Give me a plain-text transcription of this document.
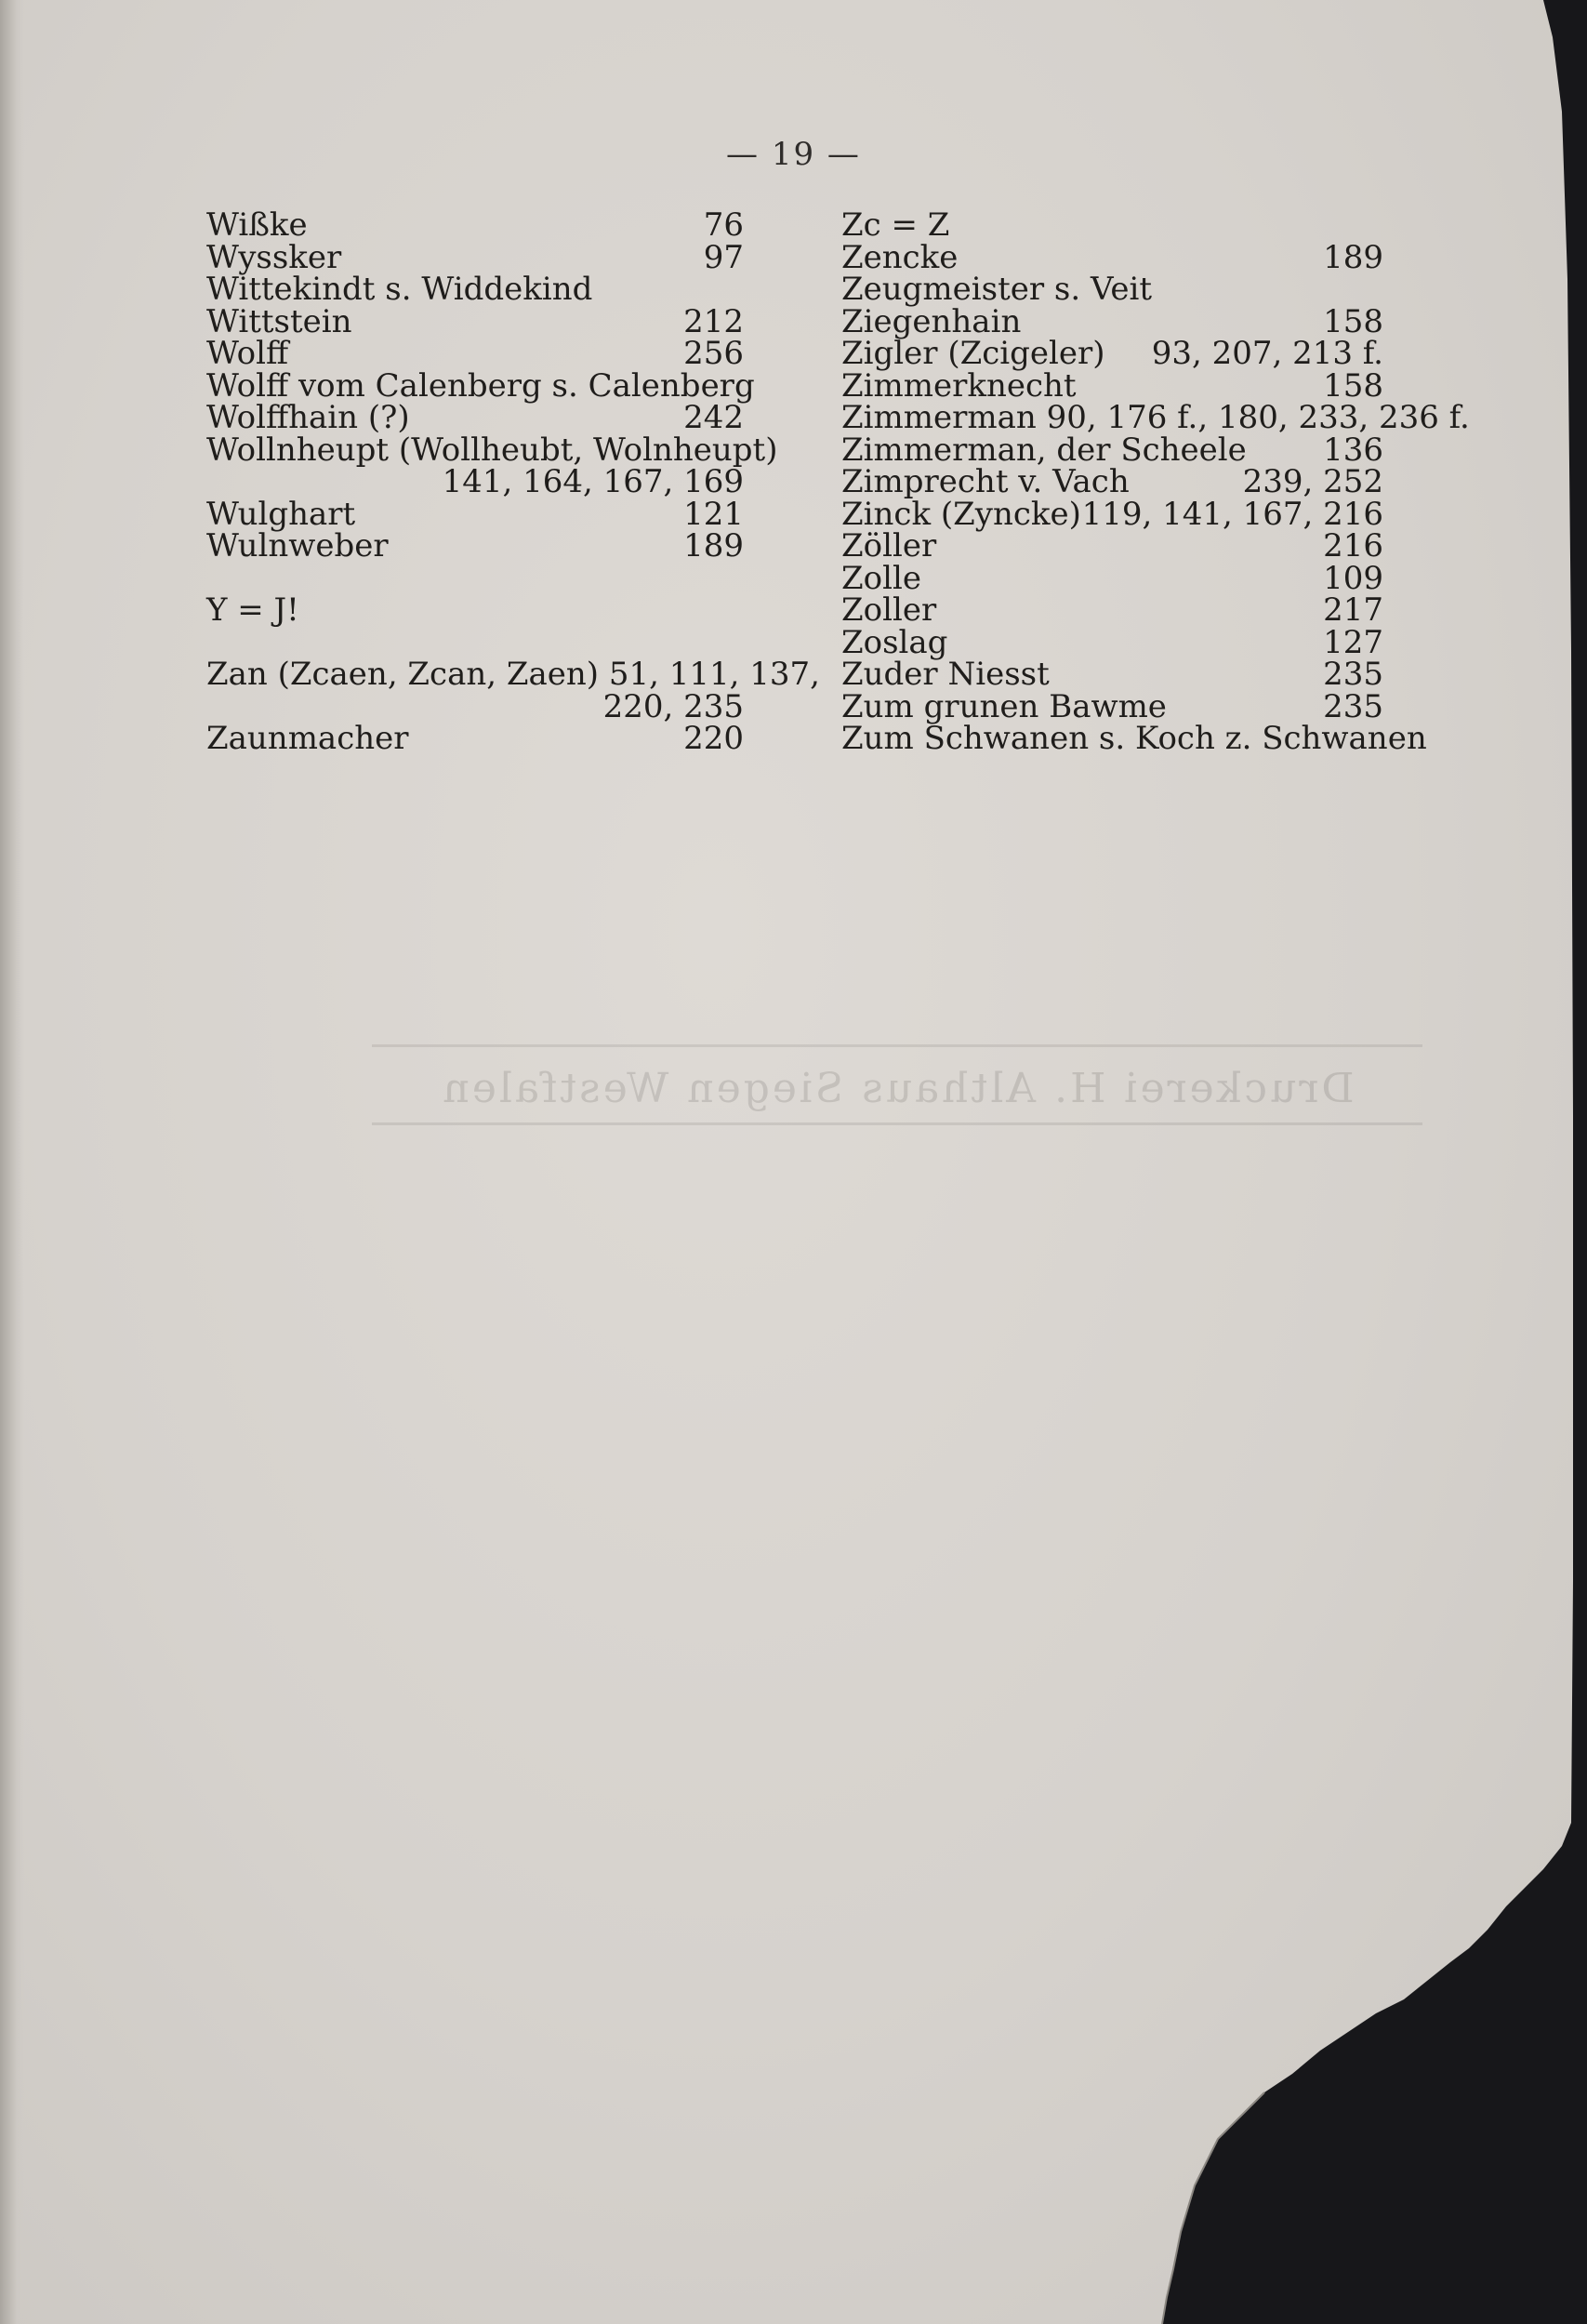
— 19 —
Wißke	76
Wyssker	97
Wittekindt s. Widdekind
Wittstein	212
Wolff	256
Wolff vom Calenberg s. Calenberg
Wolffhain (?)	242
Wollnheupt (Wollheubt, Wolnheupt)
141, 164, 167, 169
Wulghart	121
Wulnweber	189
Y = J!
Zan (Zcaen, Zcan, Zaen) 51, 111, 137,
220, 235
Zaunmacher	220
Zc = Z
Zencke	189
Zeugmeister s. Veit
Ziegenhain	158
Zigler (Zcigeler) 93, 207, 213 f.
Zimmerknecht	158
Zimmerman 90, 176 f., 180, 233, 236 f.
Zimmerman, der Scheele 136
Zimprecht v. Vach	239, 252
Zinck (Zyncke) 119, 141, 167, 216
Zöller	216
Zolle	109
Zoller	217
Zoslag	127
Zuder Niesst	235
Zum grunen Bawme	235
Zum Schwanen s. Koch z. Schwanen
Druckerei H. Althaus Siegen Westfalen
